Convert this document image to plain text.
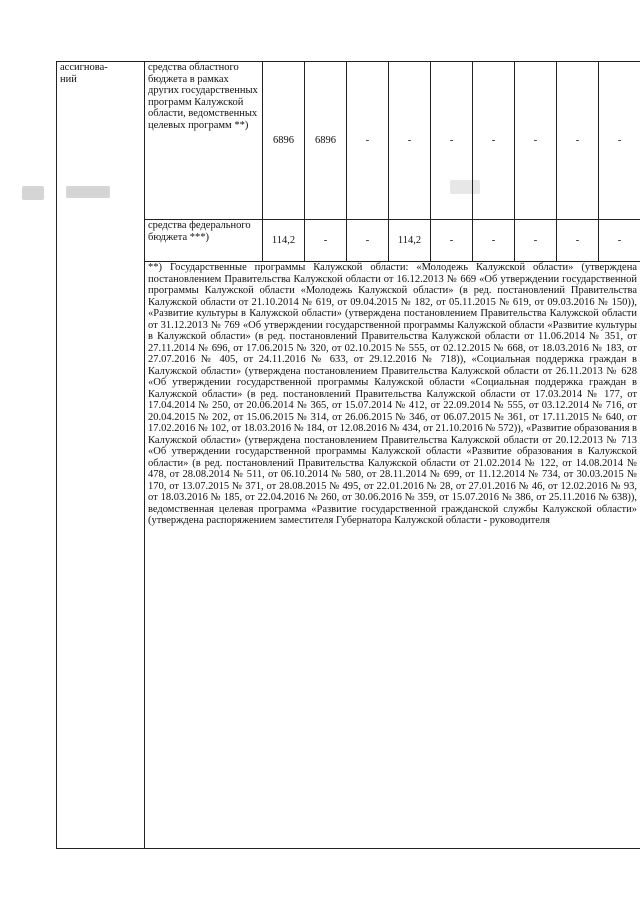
ассигнова-
ний	средства областного бюджета в рамках других государственных программ Калужской области, ведомственных целевых программ **)	6896	6896	-	-	-	-	-	-	-
	средства федерального бюджета ***)	114,2	-	-	114,2	-	-	-	-	-

	**) Государственные программы Калужской области: «Молодежь Калужской области» (утверждена постановлением Правительства Калужской области от 16.12.2013 № 669 «Об утверждении государственной программы Калужской области «Молодежь Калужской области» (в ред. постановлений Правительства Калужской области от 21.10.2014 № 619, от 09.04.2015 № 182, от 05.11.2015 № 619, от 09.03.2016 № 150)), «Развитие культуры в Калужской области» (утверждена постановлением Правительства Калужской области от 31.12.2013 № 769 «Об утверждении государственной программы Калужской области «Развитие культуры в Калужской области» (в ред. постановлений Правительства Калужской области от 11.06.2014 № 351, от 27.11.2014 № 696, от 17.06.2015 № 320, от 02.10.2015 № 555, от 02.12.2015 № 668, от 18.03.2016 № 183, от 27.07.2016 № 405, от 24.11.2016 № 633, от 29.12.2016 № 718)), «Социальная поддержка граждан в Калужской области» (утверждена постановлением Правительства Калужской области от 26.11.2013 № 628 «Об утверждении государственной программы Калужской области «Социальная поддержка граждан в Калужской области» (в ред. постановлений Правительства Калужской области от 17.03.2014 № 177, от 17.04.2014 № 250, от 20.06.2014 № 365, от 15.07.2014 № 412, от 22.09.2014 № 555, от 03.12.2014 № 716, от 20.04.2015 № 202, от 15.06.2015 № 314, от 26.06.2015 № 346, от 06.07.2015 № 361, от 17.11.2015 № 640, от 17.02.2016 № 102, от 18.03.2016 № 184, от 12.08.2016 № 434, от 21.10.2016 № 572)), «Развитие образования в Калужской области» (утверждена постановлением Правительства Калужской области от 20.12.2013 № 713 «Об утверждении государственной программы Калужской области «Развитие образования в Калужской области» (в ред. постановлений Правительства Калужской области от 21.02.2014 № 122, от 14.08.2014 № 478, от 28.08.2014 № 511, от 06.10.2014 № 580, от 28.11.2014 № 699, от 11.12.2014 № 734, от 30.03.2015 № 170, от 13.07.2015 № 371, от 28.08.2015 № 495, от 22.01.2016 № 28, от 27.01.2016 № 46, от 12.02.2016 № 93, от 18.03.2016 № 185, от 22.04.2016 № 260, от 30.06.2016 № 359, от 15.07.2016 № 386, от 25.11.2016 № 638)), ведомственная целевая программа «Развитие государственной гражданской службы Калужской области» (утверждена распоряжением заместителя Губернатора Калужской области - руководителя									
